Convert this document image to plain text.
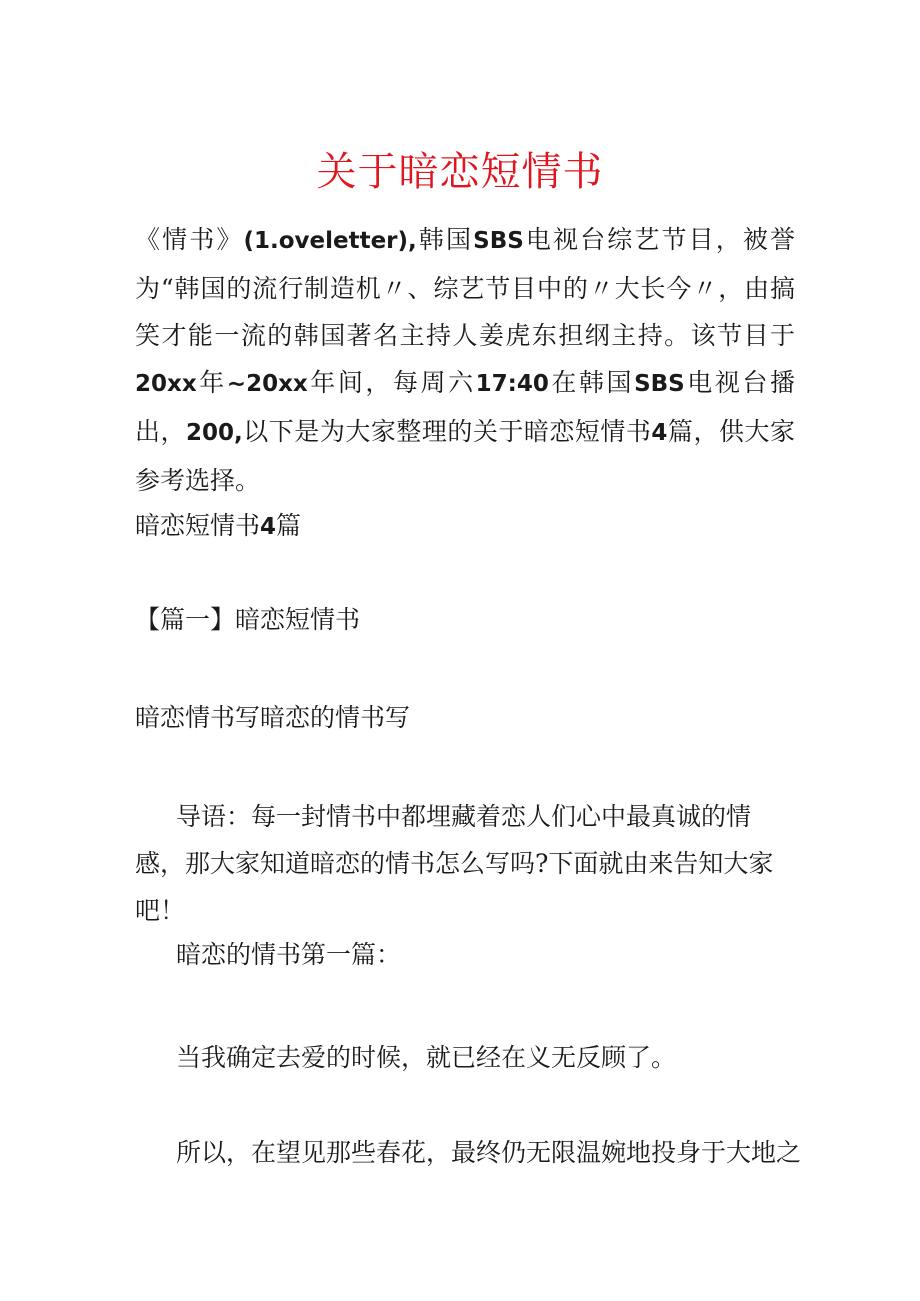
关于暗恋短情书
《情书》(1.oveletter),韩国SBS电视台综艺节目，被誉为“韩国的流行制造机〃、综艺节目中的〃大长今〃，由搞笑才能一流的韩国著名主持人姜虎东担纲主持。该节目于20xx年~20xx年间，每周六17:40在韩国SBS电视台播出，200,以下是为大家整理的关于暗恋短情书4篇，供大家参考选择。
暗恋短情书4篇
【篇一】暗恋短情书
暗恋情书写暗恋的情书写
导语：每一封情书中都埋藏着恋人们心中最真诚的情感，那大家知道暗恋的情书怎么写吗?下面就由来告知大家吧！
暗恋的情书第一篇：
当我确定去爱的时候，就已经在义无反顾了。
所以，在望见那些春花，最终仍无限温婉地投身于大地之
